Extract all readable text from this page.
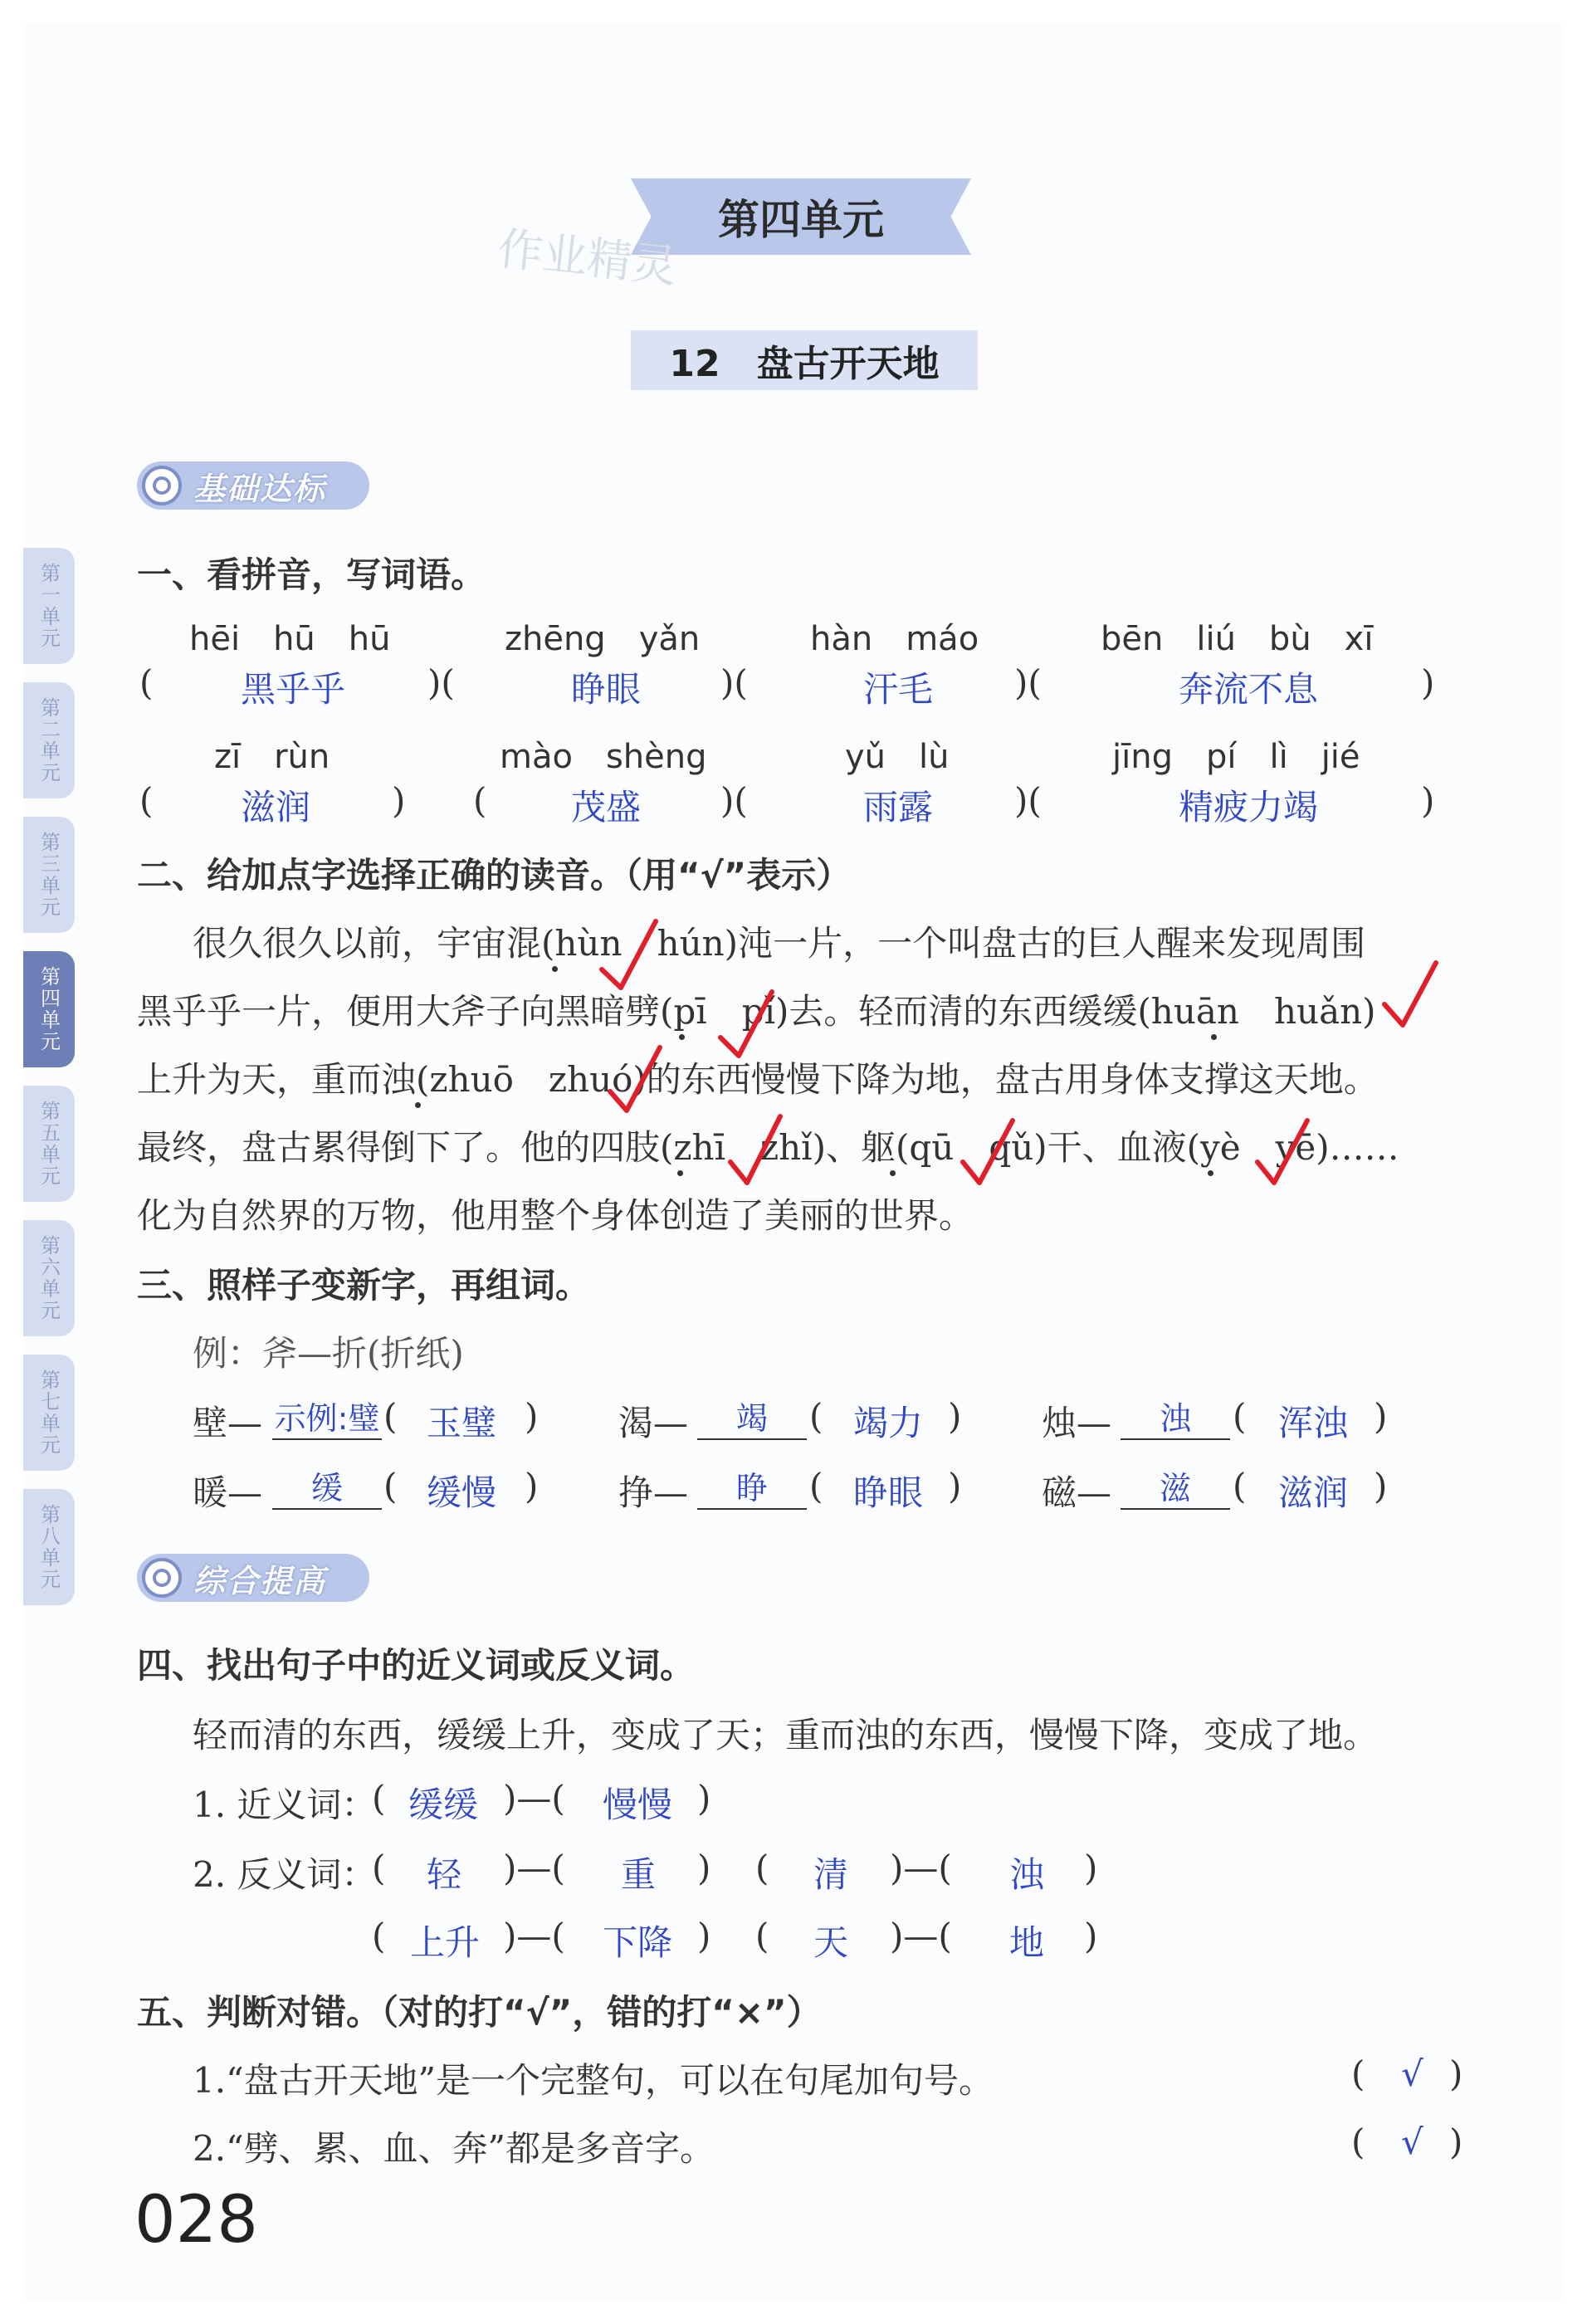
第四单元
作业精灵
12　盘古开天地
第一单元
第二单元
第三单元
第四单元
第五单元
第六单元
第七单元
第八单元
基础达标
一、看拼音，写词语。
hēi　hū　hū	zhēng　yǎn	hàn　máo	bēn　liú　bù　xī
(	黑乎乎 )(	睁眼 )(	汗毛 )(	奔流不息	)
zī　rùn	mào　shèng	yǔ　lù	jīng　pí　lì　jié
(	滋润 ) ( 茂盛 )(	雨露 )(	精疲力竭	)
二、给加点字选择正确的读音。（用“√”表示）
很久很久以前，宇宙混(hùn　hún)沌一片，一个叫盘古的巨人醒来发现周围
黑乎乎一片，便用大斧子向黑暗劈(pī　pǐ)去。轻而清的东西缓缓(huān　huǎn)
上升为天，重而浊(zhuō　zhuó)的东西慢慢下降为地，盘古用身体支撑这天地。
最终，盘古累得倒下了。他的四肢(zhī　zhǐ)、躯(qū　qǔ)干、血液(yè　yē)……
化为自然界的万物，他用整个身体创造了美丽的世界。
三、照样子变新字，再组词。
例：斧—折(折纸)
壁— 示例:璧 ( 玉璧 ) 渴—	竭	( 竭力 ) 烛—	浊	( 浑浊 )
暖—	缓	( 缓慢 ) 挣—	睁	( 睁眼 ) 磁—	滋	( 滋润 )
综合提高
四、找出句子中的近义词或反义词。
轻而清的东西，缓缓上升，变成了天；重而浊的东西，慢慢下降，变成了地。
1. 近义词：
( 缓缓 )—( 慢慢 )
2. 反义词：
( 轻 )—( 重 ) ( 清 )—( 浊 )
( 上升 )—( 下降 ) ( 天 )—( 地 )
五、判断对错。（对的打“√”，错的打“×”）
1.“盘古开天地”是一个完整句，可以在句尾加句号。	( √ )
2.“劈、累、血、奔”都是多音字。	( √ )
028
